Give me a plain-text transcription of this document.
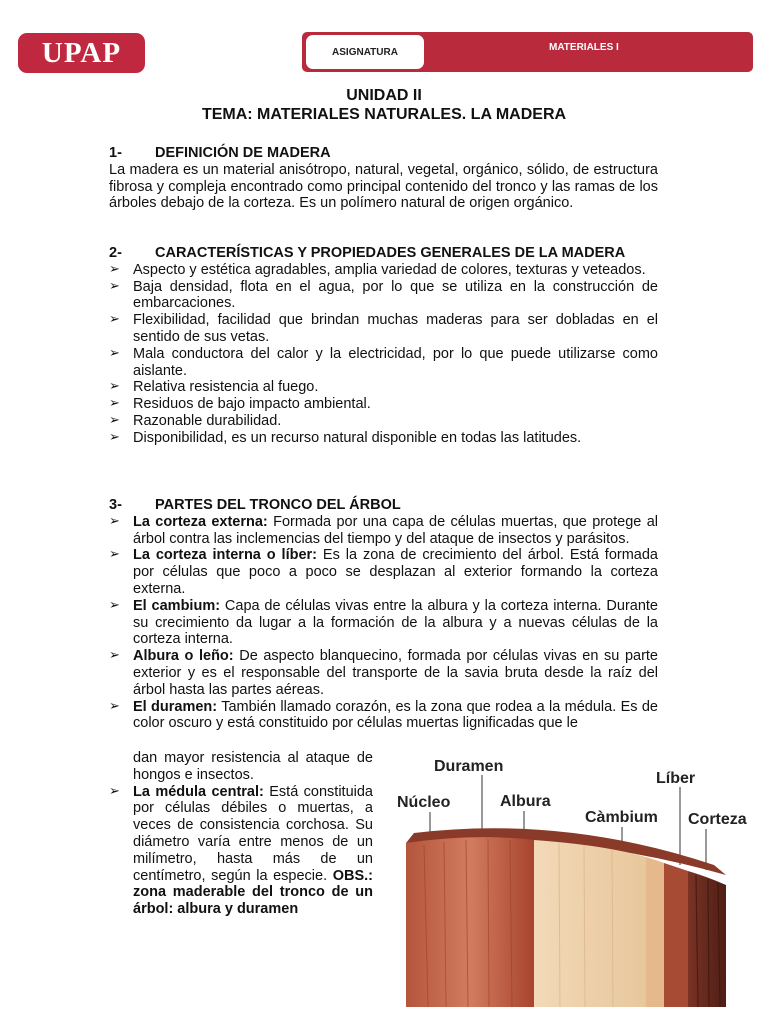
UPAP	ASIGNATURA	MATERIALES I
UNIDAD II
TEMA: MATERIALES NATURALES. LA MADERA
1- DEFINICIÓN DE MADERA
La madera es un material anisótropo, natural, vegetal, orgánico, sólido, de estructura fibrosa y compleja encontrado como principal contenido del tronco y las ramas de los árboles debajo de la corteza. Es un polímero natural de origen orgánico.
2- CARACTERÍSTICAS Y PROPIEDADES GENERALES DE LA MADERA
➢ Aspecto y estética agradables, amplia variedad de colores, texturas y veteados.
➢ Baja densidad, flota en el agua, por lo que se utiliza en la construcción de embarcaciones.
➢ Flexibilidad, facilidad que brindan muchas maderas para ser dobladas en el sentido de sus vetas.
➢ Mala conductora del calor y la electricidad, por lo que puede utilizarse como aislante.
➢ Relativa resistencia al fuego.
➢ Residuos de bajo impacto ambiental.
➢ Razonable durabilidad.
➢ Disponibilidad, es un recurso natural disponible en todas las latitudes.
3- PARTES DEL TRONCO DEL ÁRBOL
➢ La corteza externa: Formada por una capa de células muertas, que protege al árbol contra las inclemencias del tiempo y del ataque de insectos y parásitos.
➢ La corteza interna o líber: Es la zona de crecimiento del árbol. Está formada por células que poco a poco se desplazan al exterior formando la corteza externa.
➢ El cambium: Capa de células vivas entre la albura y la corteza interna. Durante su crecimiento da lugar a la formación de la albura y a nuevas células de la corteza interna.
➢ Albura o leño: De aspecto blanquecino, formada por células vivas en su parte exterior y es el responsable del transporte de la savia bruta desde la raíz del árbol hasta las partes aéreas.
➢ El duramen: También llamado corazón, es la zona que rodea a la médula. Es de color oscuro y está constituido por células muertas lignificadas que le
dan mayor resistencia al ataque de hongos e insectos.
➢ La médula central: Está constituida por células débiles o muertas, a veces de consistencia corchosa. Su diámetro varía entre menos de un milímetro, hasta más de un centímetro, según la especie. OBS.: zona maderable del tronco de un árbol: albura y duramen
Duramen
Líber
Núcleo	Albura
Càmbium Corteza
